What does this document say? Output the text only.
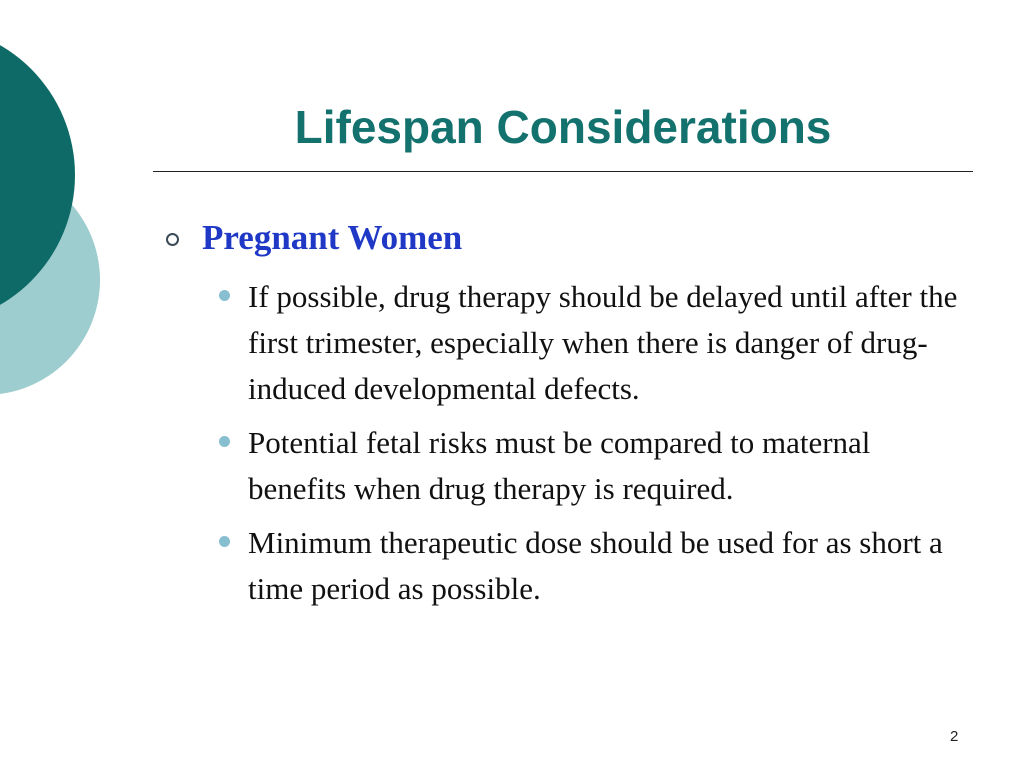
Lifespan Considerations
Pregnant Women
If possible, drug therapy should be delayed until after the first trimester, especially when there is danger of drug-induced developmental defects.
Potential fetal risks must be compared to maternal benefits when drug therapy is required.
Minimum therapeutic dose should be used for as short a time period as possible.
2
